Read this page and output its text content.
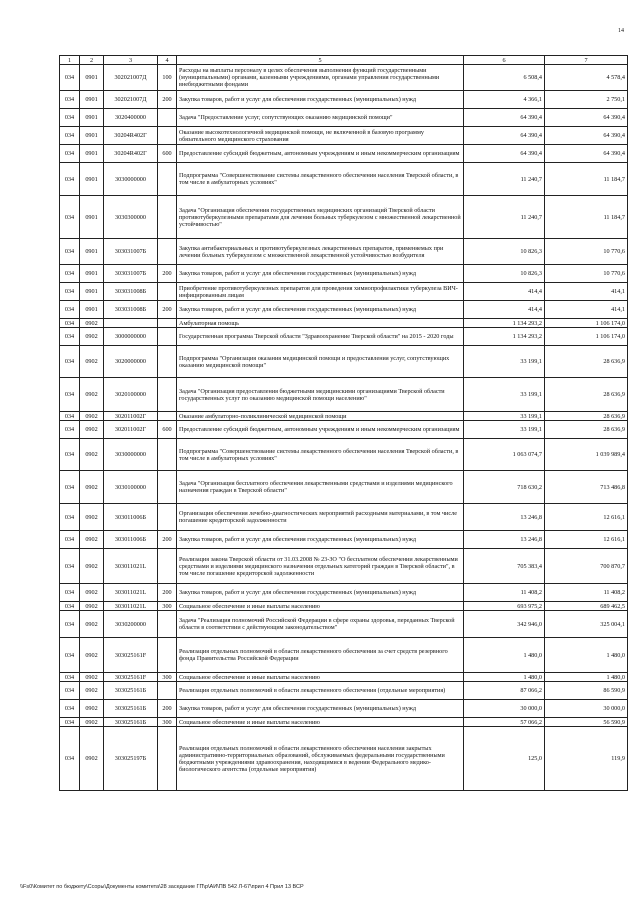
14
1	2	3	4	5	6	7
034	0901	302021007Д	100	Расходы на выплаты персоналу в целях обеспечения выполнения функций государственными (муниципальными) органами, казенными учреждениями, органами управления государственными внебюджетными фондами	6 508,4	4 578,4
034	0901	302021007Д	200	Закупка товаров, работ и услуг для обеспечения государственных (муниципальных) нужд	4 366,1	2 750,1
034	0901	3020400000		Задача "Предоставление услуг, сопутствующих оказанию медицинской помощи"	64 390,4	64 390,4
034	0901	30204R402Г		Оказание высокотехнологичной медицинской помощи, не включенной в базовую программу обязательного медицинского страхования	64 390,4	64 390,4
034	0901	30204R402Г	600	Предоставление субсидий бюджетным, автономным учреждениям и иным некоммерческим организациям	64 390,4	64 390,4
034	0901	3030000000		Подпрограмма "Совершенствование системы лекарственного обеспечения населения Тверской области, в том числе в амбулаторных условиях"	11 240,7	11 184,7
034	0901	3030300000		Задача "Организация обеспечения государственных медицинских организаций Тверской области противотуберкулезными препаратами для лечения больных туберкулезом с множественной лекарственной устойчивостью"	11 240,7	11 184,7
034	0901	303031007Б		Закупка антибактериальных и противотуберкулезных лекарственных препаратов, применяемых при лечении больных туберкулезом с множественной лекарственной устойчивостью возбудителя	10 826,3	10 770,6
034	0901	303031007Б	200	Закупка товаров, работ и услуг для обеспечения государственных (муниципальных) нужд	10 826,3	10 770,6
034	0901	303031008Б		Приобретение противотуберкулезных препаратов для проведения химиопрофилактики туберкулеза ВИЧ-инфицированным лицам	414,4	414,1
034	0901	303031008Б	200	Закупка товаров, работ и услуг для обеспечения государственных (муниципальных) нужд	414,4	414,1
034	0902			Амбулаторная помощь	1 134 293,2	1 106 174,0
034	0902	3000000000		Государственная программа Тверской области "Здравоохранение Тверской области" на 2015 - 2020 годы	1 134 293,2	1 106 174,0
034	0902	3020000000		Подпрограмма "Организация оказания медицинской помощи и предоставления услуг, сопутствующих оказанию медицинской помощи"	33 199,1	28 636,9
034	0902	3020100000		Задача "Организация предоставления бюджетными медицинскими организациями Тверской области государственных услуг по оказанию медицинской помощи населению"	33 199,1	28 636,9
034	0902	302011002Г		Оказание амбулаторно-поликлинической медицинской помощи	33 199,1	28 636,9
034	0902	302011002Г	600	Предоставление субсидий бюджетным, автономным учреждениям и иным некоммерческим организациям	33 199,1	28 636,9
034	0902	3030000000		Подпрограмма "Совершенствование системы лекарственного обеспечения населения Тверской области, в том числе в амбулаторных условиях"	1 063 074,7	1 039 989,4
034	0902	3030100000		Задача "Организация бесплатного обеспечения лекарственными средствами и изделиями медицинского назначения граждан в Тверской области"	718 630,2	713 486,8
034	0902	303011006Б		Организация обеспечения лечебно-диагностических мероприятий расходными материалами, в том числе погашение кредиторской задолженности	13 246,8	12 616,1
034	0902	303011006Б	200	Закупка товаров, работ и услуг для обеспечения государственных (муниципальных) нужд	13 246,8	12 616,1
034	0902	303011021L		Реализация закона Тверской области от 31.03.2008 № 23-ЗО "О бесплатном обеспечении лекарственными средствами и изделиями медицинского назначения отдельных категорий граждан в Тверской области", в том числе погашение кредиторской задолженности	705 383,4	700 870,7
034	0902	303011021L	200	Закупка товаров, работ и услуг для обеспечения государственных (муниципальных) нужд	11 408,2	11 408,2
034	0902	303011021L	300	Социальное обеспечение и иные выплаты населению	693 975,2	689 462,5
034	0902	3030200000		Задача "Реализация полномочий Российской Федерации в сфере охраны здоровья, переданных Тверской области в соответствии с действующим законодательством"	342 946,0	325 004,1
034	0902	303025161F		Реализация отдельных полномочий в области лекарственного обеспечения за счет средств резервного фонда Правительства Российской Федерации	1 480,0	1 480,0
034	0902	303025161F	300	Социальное обеспечение и иные выплаты населению	1 480,0	1 480,0
034	0902	303025161Б		Реализация отдельных полномочий в области лекарственного обеспечения (отдельные мероприятия)	87 066,2	86 590,9
034	0902	303025161Б	200	Закупка товаров, работ и услуг для обеспечения государственных (муниципальных) нужд	30 000,0	30 000,0
034	0902	303025161Б	300	Социальное обеспечение и иные выплаты населению	57 066,2	56 590,9
034	0902	303025197Б		Реализация отдельных полномочий в области лекарственного обеспечения населения закрытых административно-территориальных образований, обслуживаемых федеральными государственными бюджетными учреждениями здравоохранения, находящимися в ведении Федерального медико-биологического агентства (отдельные мероприятия)	125,0	119,9
\\Fs0\Комитет по бюджету\Ссоры\Документы комитета\28 заседание ГП\р\АИ\ПВ 542 Л-67\прил 4 Прил 13 ВСР
